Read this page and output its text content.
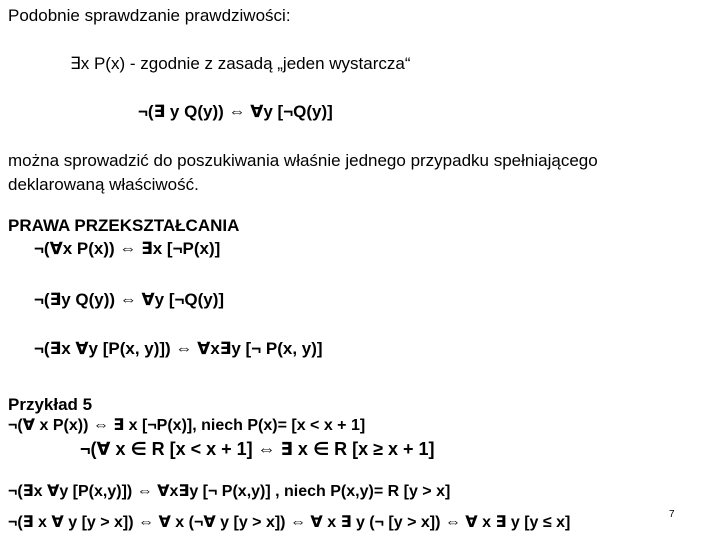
Podobnie sprawdzanie prawdziwości:
∃x P(x) - zgodnie z zasadą „jeden wystarcza“
¬(∃ y Q(y)) ⇔ ∀y [¬Q(y)]
można sprowadzić do poszukiwania właśnie jednego przypadku spełniającego
deklarowaną właściwość.
PRAWA PRZEKSZTAŁCANIA
¬(∀x P(x)) ⇔ ∃x [¬P(x)]
¬(∃y Q(y)) ⇔ ∀y [¬Q(y)]
¬(∃x ∀y [P(x, y)]) ⇔ ∀x∃y [¬ P(x, y)]
Przykład 5
¬(∀ x P(x)) ⇔ ∃ x [¬P(x)], niech P(x)= [x < x + 1]
¬(∀ x ∈ R [x < x + 1] ⇔ ∃ x ∈ R [x ≥ x + 1]
¬(∃x ∀y [P(x,y)]) ⇔ ∀x∃y [¬ P(x,y)] , niech P(x,y)= R [y > x]
¬(∃ x ∀ y [y > x]) ⇔ ∀ x (¬∀ y [y > x]) ⇔ ∀ x ∃ y (¬ [y > x]) ⇔ ∀ x ∃ y [y ≤ x]	7
